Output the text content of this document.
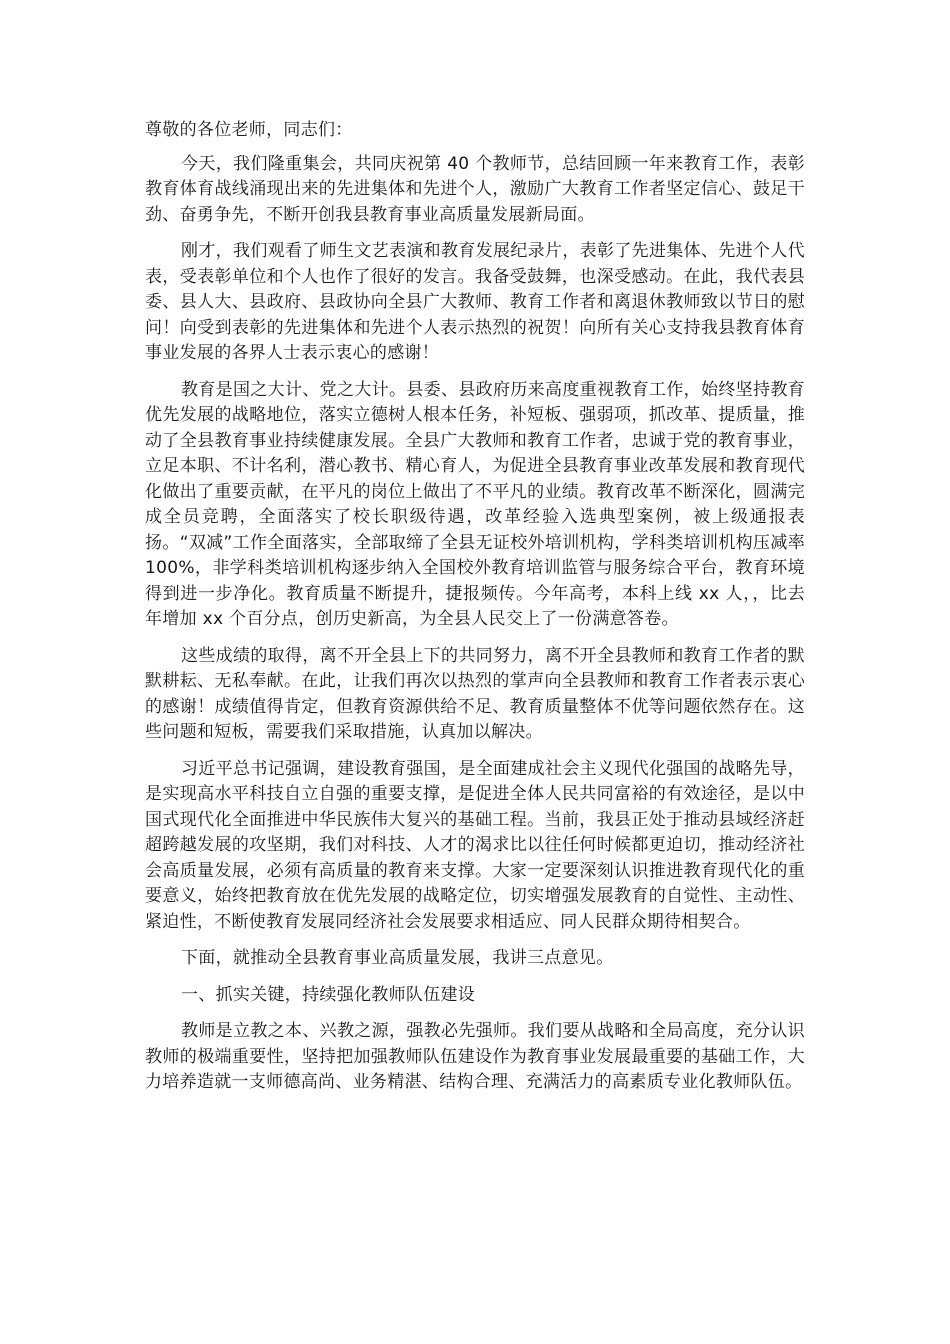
尊敬的各位老师，同志们：

今天，我们隆重集会，共同庆祝第 40 个教师节，总结回顾一年来教育工作，表彰教育体育战线涌现出来的先进集体和先进个人，激励广大教育工作者坚定信心、鼓足干劲、奋勇争先，不断开创我县教育事业高质量发展新局面。

刚才，我们观看了师生文艺表演和教育发展纪录片，表彰了先进集体、先进个人代表，受表彰单位和个人也作了很好的发言。我备受鼓舞，也深受感动。在此，我代表县委、县人大、县政府、县政协向全县广大教师、教育工作者和离退休教师致以节日的慰问！向受到表彰的先进集体和先进个人表示热烈的祝贺！向所有关心支持我县教育体育事业发展的各界人士表示衷心的感谢！

教育是国之大计、党之大计。县委、县政府历来高度重视教育工作，始终坚持教育优先发展的战略地位，落实立德树人根本任务，补短板、强弱项，抓改革、提质量，推动了全县教育事业持续健康发展。全县广大教师和教育工作者，忠诚于党的教育事业，立足本职、不计名利，潜心教书、精心育人，为促进全县教育事业改革发展和教育现代化做出了重要贡献，在平凡的岗位上做出了不平凡的业绩。教育改革不断深化，圆满完成全员竞聘，全面落实了校长职级待遇，改革经验入选典型案例，被上级通报表扬。“双减”工作全面落实，全部取缔了全县无证校外培训机构，学科类培训机构压减率 100%，非学科类培训机构逐步纳入全国校外教育培训监管与服务综合平台，教育环境得到进一步净化。教育质量不断提升，捷报频传。今年高考，本科上线 xx 人，，比去年增加 xx 个百分点，创历史新高，为全县人民交上了一份满意答卷。

这些成绩的取得，离不开全县上下的共同努力，离不开全县教师和教育工作者的默默耕耘、无私奉献。在此，让我们再次以热烈的掌声向全县教师和教育工作者表示衷心的感谢！成绩值得肯定，但教育资源供给不足、教育质量整体不优等问题依然存在。这些问题和短板，需要我们采取措施，认真加以解决。

习近平总书记强调，建设教育强国，是全面建成社会主义现代化强国的战略先导，是实现高水平科技自立自强的重要支撑，是促进全体人民共同富裕的有效途径，是以中国式现代化全面推进中华民族伟大复兴的基础工程。当前，我县正处于推动县域经济赶超跨越发展的攻坚期，我们对科技、人才的渴求比以往任何时候都更迫切，推动经济社会高质量发展，必须有高质量的教育来支撑。大家一定要深刻认识推进教育现代化的重要意义，始终把教育放在优先发展的战略定位，切实增强发展教育的自觉性、主动性、紧迫性，不断使教育发展同经济社会发展要求相适应、同人民群众期待相契合。

下面，就推动全县教育事业高质量发展，我讲三点意见。

一、抓实关键，持续强化教师队伍建设

教师是立教之本、兴教之源，强教必先强师。我们要从战略和全局高度，充分认识教师的极端重要性，坚持把加强教师队伍建设作为教育事业发展最重要的基础工作，大力培养造就一支师德高尚、业务精湛、结构合理、充满活力的高素质专业化教师队伍。
